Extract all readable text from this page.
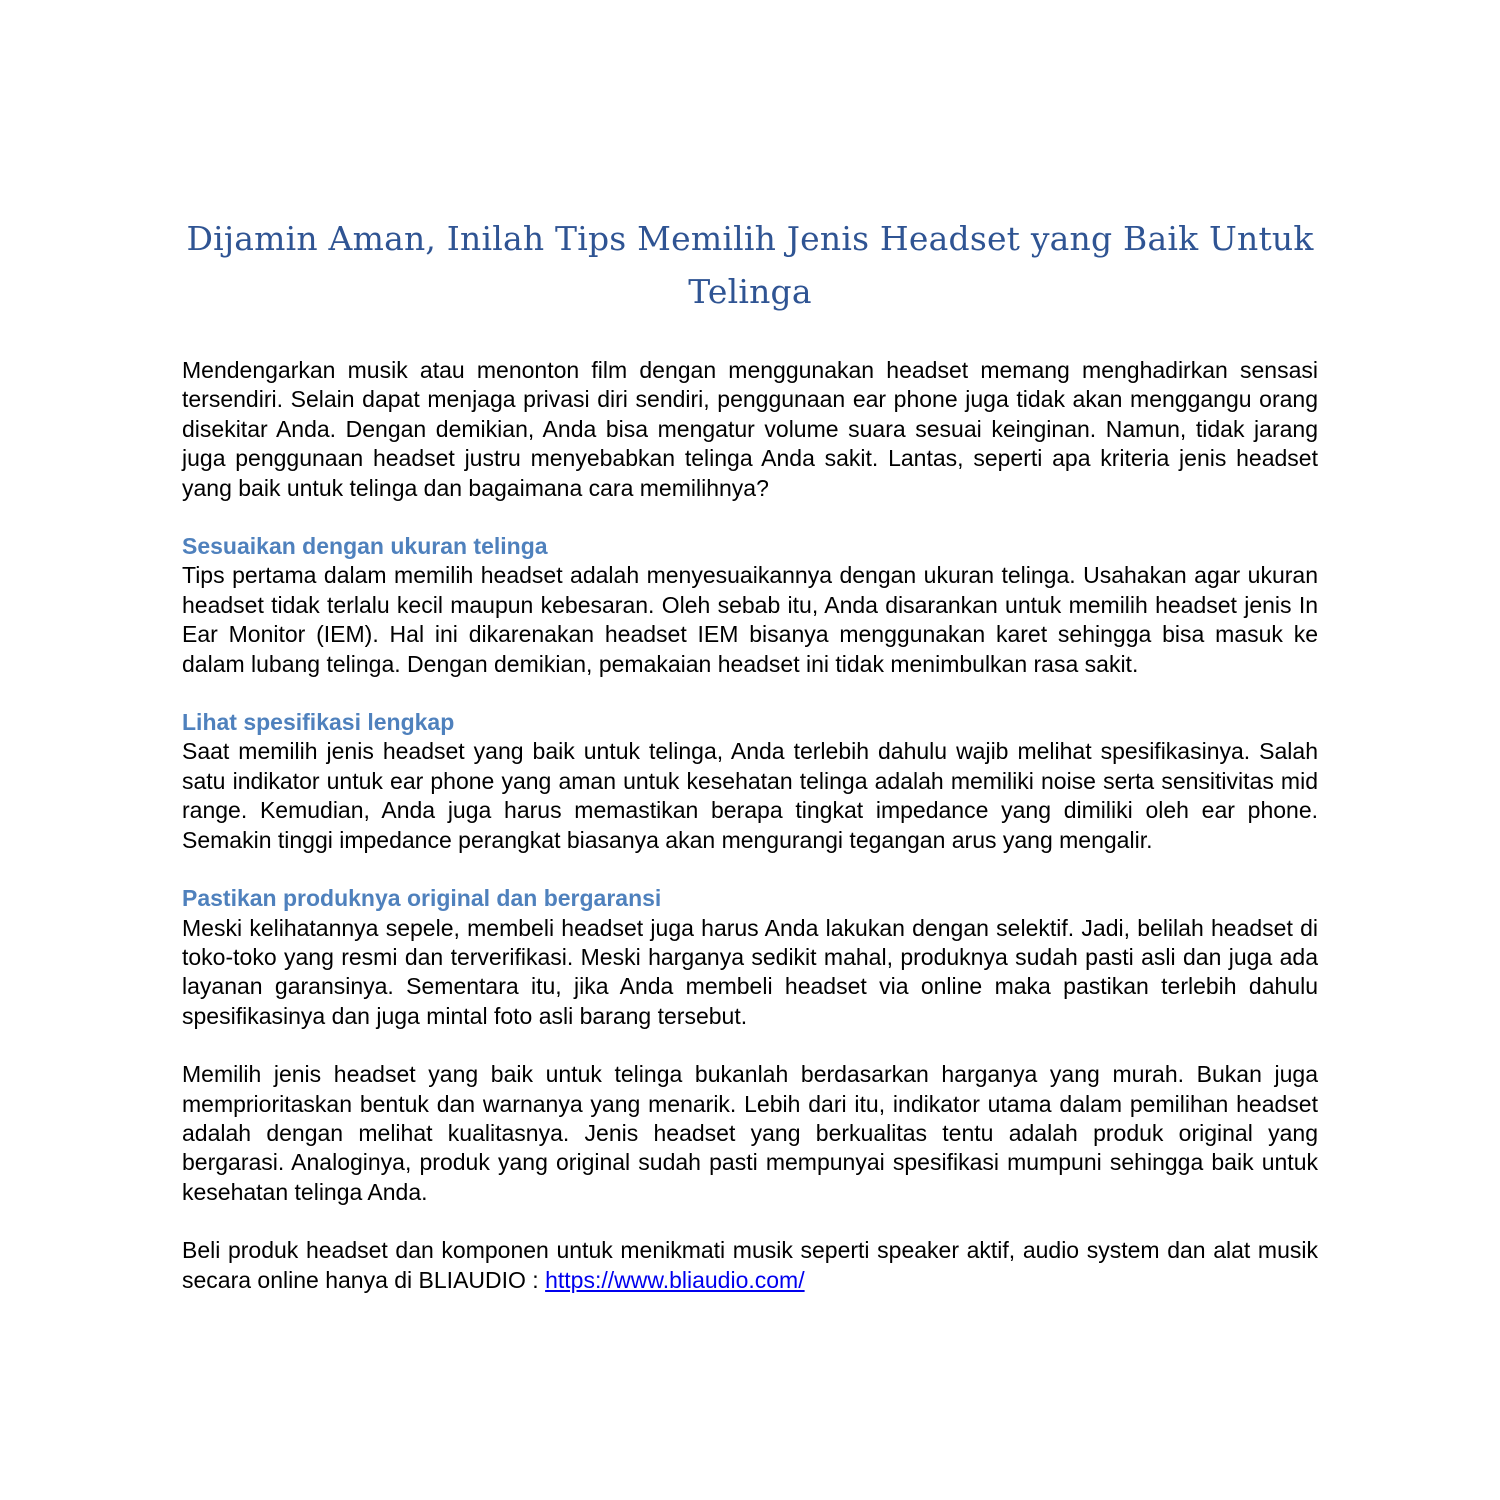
Dijamin Aman, Inilah Tips Memilih Jenis Headset yang Baik Untuk Telinga

Mendengarkan musik atau menonton film dengan menggunakan headset memang menghadirkan sensasi tersendiri. Selain dapat menjaga privasi diri sendiri, penggunaan ear phone juga tidak akan menggangu orang disekitar Anda. Dengan demikian, Anda bisa mengatur volume suara sesuai keinginan. Namun, tidak jarang juga penggunaan headset justru menyebabkan telinga Anda sakit. Lantas, seperti apa kriteria jenis headset yang baik untuk telinga dan bagaimana cara memilihnya?

Sesuaikan dengan ukuran telinga

Tips pertama dalam memilih headset adalah menyesuaikannya dengan ukuran telinga. Usahakan agar ukuran headset tidak terlalu kecil maupun kebesaran. Oleh sebab itu, Anda disarankan untuk memilih headset jenis In Ear Monitor (IEM). Hal ini dikarenakan headset IEM bisanya menggunakan karet sehingga bisa masuk ke dalam lubang telinga. Dengan demikian, pemakaian headset ini tidak menimbulkan rasa sakit.

Lihat spesifikasi lengkap

Saat memilih jenis headset yang baik untuk telinga, Anda terlebih dahulu wajib melihat spesifikasinya. Salah satu indikator untuk ear phone yang aman untuk kesehatan telinga adalah memiliki noise serta sensitivitas mid range. Kemudian, Anda juga harus memastikan berapa tingkat impedance yang dimiliki oleh ear phone. Semakin tinggi impedance perangkat biasanya akan mengurangi tegangan arus yang mengalir.

Pastikan produknya original dan bergaransi

Meski kelihatannya sepele, membeli headset juga harus Anda lakukan dengan selektif. Jadi, belilah headset di toko-toko yang resmi dan terverifikasi. Meski harganya sedikit mahal, produknya sudah pasti asli dan juga ada layanan garansinya. Sementara itu, jika Anda membeli headset via online maka pastikan terlebih dahulu spesifikasinya dan juga mintal foto asli barang tersebut.

Memilih jenis headset yang baik untuk telinga bukanlah berdasarkan harganya yang murah. Bukan juga memprioritaskan bentuk dan warnanya yang menarik. Lebih dari itu, indikator utama dalam pemilihan headset adalah dengan melihat kualitasnya. Jenis headset yang berkualitas tentu adalah produk original yang bergarasi. Analoginya, produk yang original sudah pasti mempunyai spesifikasi mumpuni sehingga baik untuk kesehatan telinga Anda.

Beli produk headset dan komponen untuk menikmati musik seperti speaker aktif, audio system dan alat musik secara online hanya di BLIAUDIO : https://www.bliaudio.com/
